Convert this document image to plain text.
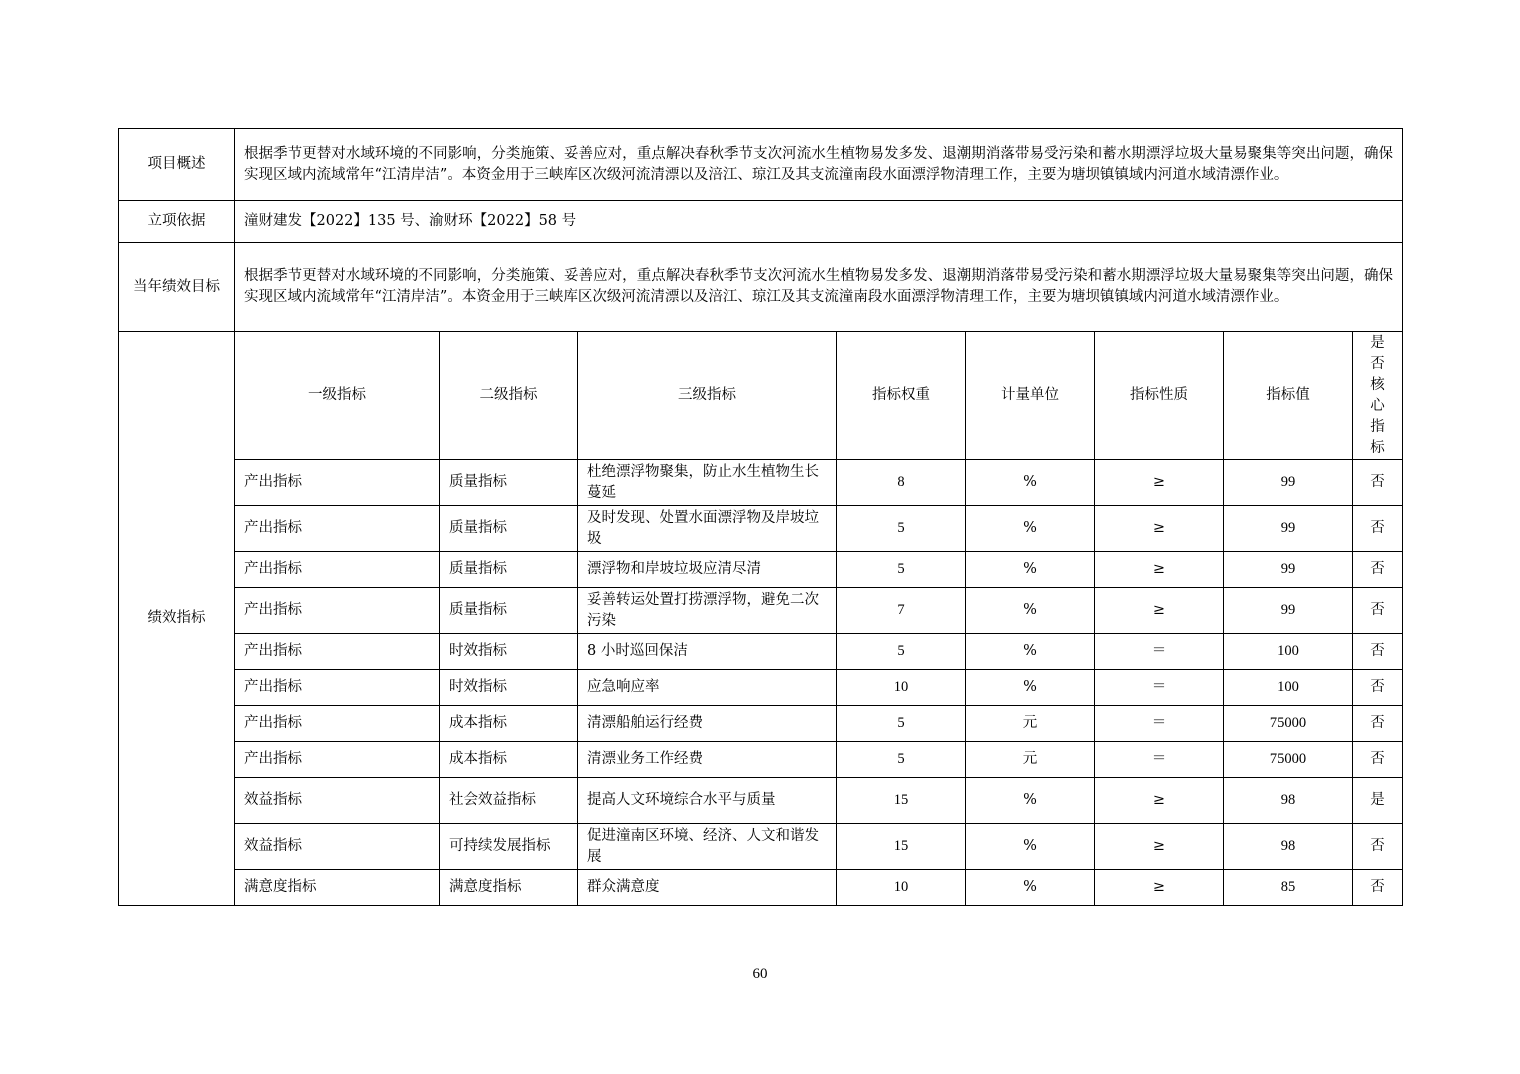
项目概述	根据季节更替对水域环境的不同影响，分类施策、妥善应对，重点解决春秋季节支次河流水生植物易发多发、退潮期消落带易受污染和蓄水期漂浮垃圾大量易聚集等突出问题，确保实现区域内流域常年“江清岸洁”。本资金用于三峡库区次级河流清漂以及涪江、琼江及其支流潼南段水面漂浮物清理工作，主要为塘坝镇镇域内河道水域清漂作业。							
立项依据	潼财建发【2022】135 号、渝财环【2022】58 号							
当年绩效目标	根据季节更替对水域环境的不同影响，分类施策、妥善应对，重点解决春秋季节支次河流水生植物易发多发、退潮期消落带易受污染和蓄水期漂浮垃圾大量易聚集等突出问题，确保实现区域内流域常年“江清岸洁”。本资金用于三峡库区次级河流清漂以及涪江、琼江及其支流潼南段水面漂浮物清理工作，主要为塘坝镇镇域内河道水域清漂作业。							
绩效指标	一级指标	二级指标	三级指标	指标权重	计量单位	指标性质	指标值	是否核心指标

	产出指标	质量指标	杜绝漂浮物聚集，防止水生植物生长蔓延	8	%	≥	99	否
	产出指标	质量指标	及时发现、处置水面漂浮物及岸坡垃圾	5	%	≥	99	否
	产出指标	质量指标	漂浮物和岸坡垃圾应清尽清	5	%	≥	99	否
	产出指标	质量指标	妥善转运处置打捞漂浮物，避免二次污染	7	%	≥	99	否
	产出指标	时效指标	8 小时巡回保洁	5	%	＝	100	否
	产出指标	时效指标	应急响应率	10	%	＝	100	否
	产出指标	成本指标	清漂船舶运行经费	5	元	＝	75000	否
	产出指标	成本指标	清漂业务工作经费	5	元	＝	75000	否
	效益指标	社会效益指标	提高人文环境综合水平与质量	15	%	≥	98	是
	效益指标	可持续发展指标	促进潼南区环境、经济、人文和谐发展	15	%	≥	98	否
	满意度指标	满意度指标	群众满意度	10	%	≥	85	否
60
